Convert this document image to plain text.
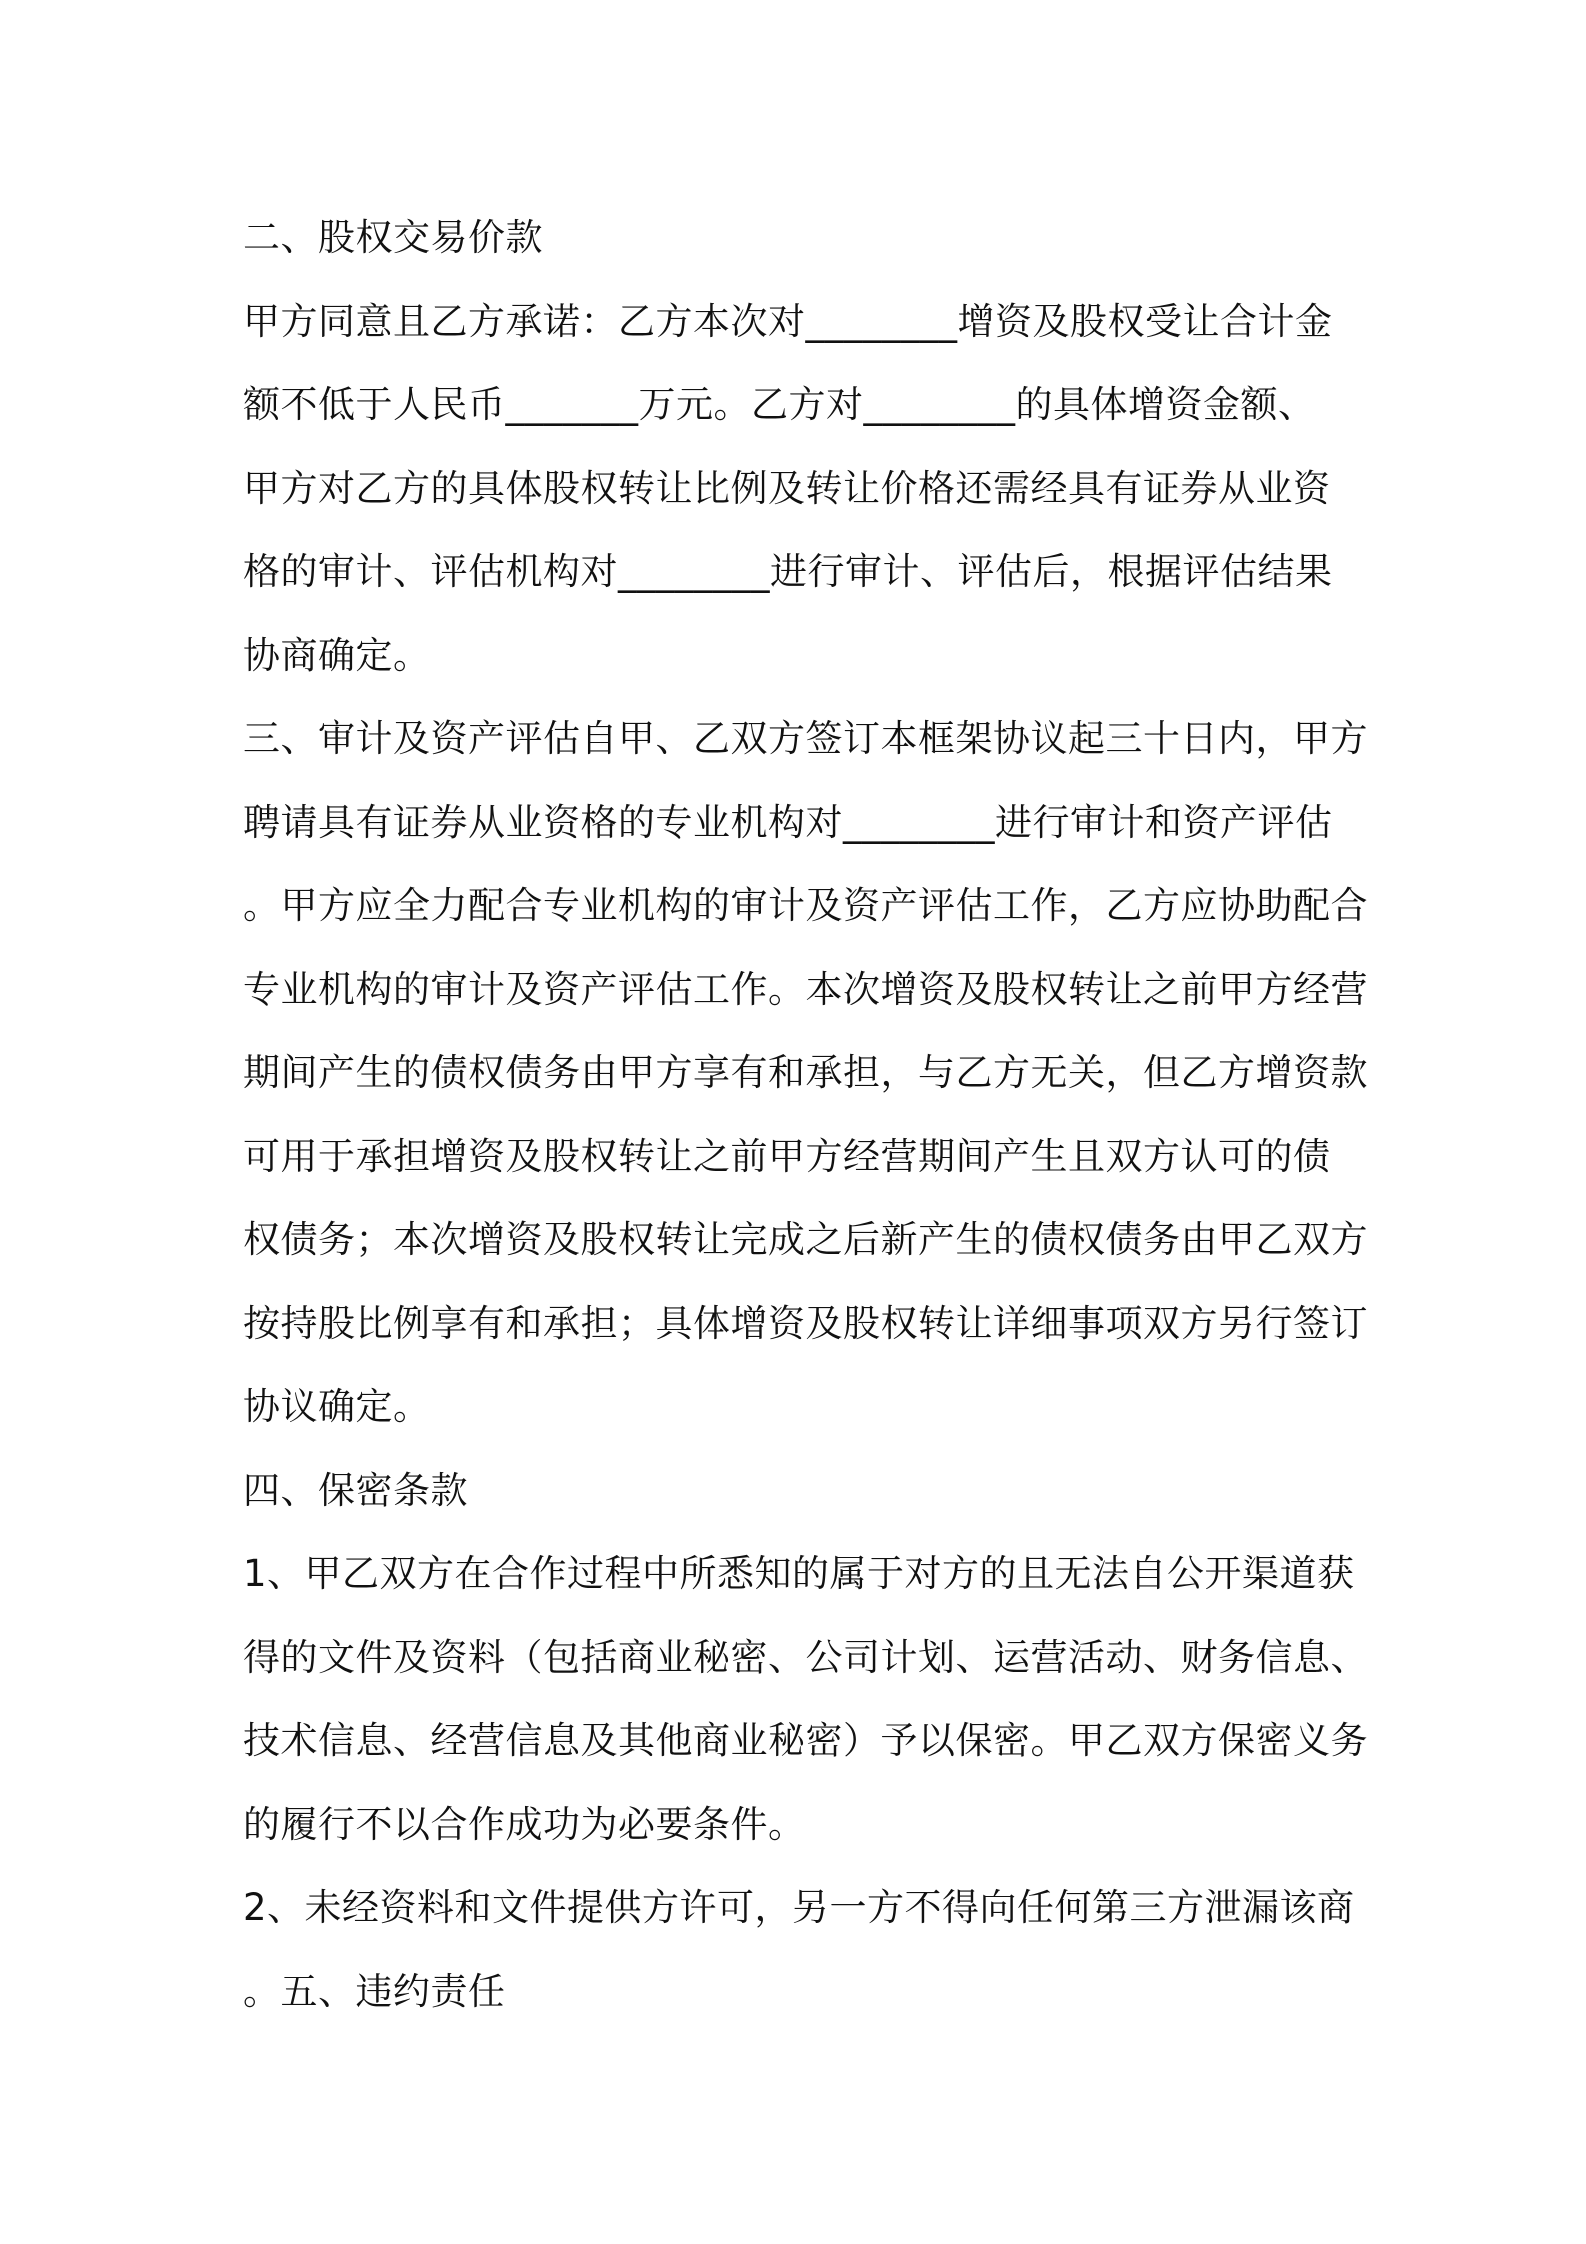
二、股权交易价款
甲方同意且乙方承诺：乙方本次对________增资及股权受让合计金
额不低于人民币_______万元。乙方对________的具体增资金额、
甲方对乙方的具体股权转让比例及转让价格还需经具有证券从业资
格的审计、评估机构对________进行审计、评估后，根据评估结果
协商确定。
三、审计及资产评估自甲、乙双方签订本框架协议起三十日内，甲方
聘请具有证券从业资格的专业机构对________进行审计和资产评估
。甲方应全力配合专业机构的审计及资产评估工作，乙方应协助配合
专业机构的审计及资产评估工作。本次增资及股权转让之前甲方经营
期间产生的债权债务由甲方享有和承担，与乙方无关，但乙方增资款
可用于承担增资及股权转让之前甲方经营期间产生且双方认可的债
权债务；本次增资及股权转让完成之后新产生的债权债务由甲乙双方
按持股比例享有和承担；具体增资及股权转让详细事项双方另行签订
协议确定。
四、保密条款
1、甲乙双方在合作过程中所悉知的属于对方的且无法自公开渠道获
得的文件及资料（包括商业秘密、公司计划、运营活动、财务信息、
技术信息、经营信息及其他商业秘密）予以保密。甲乙双方保密义务
的履行不以合作成功为必要条件。
2、未经资料和文件提供方许可，另一方不得向任何第三方泄漏该商
。五、违约责任
